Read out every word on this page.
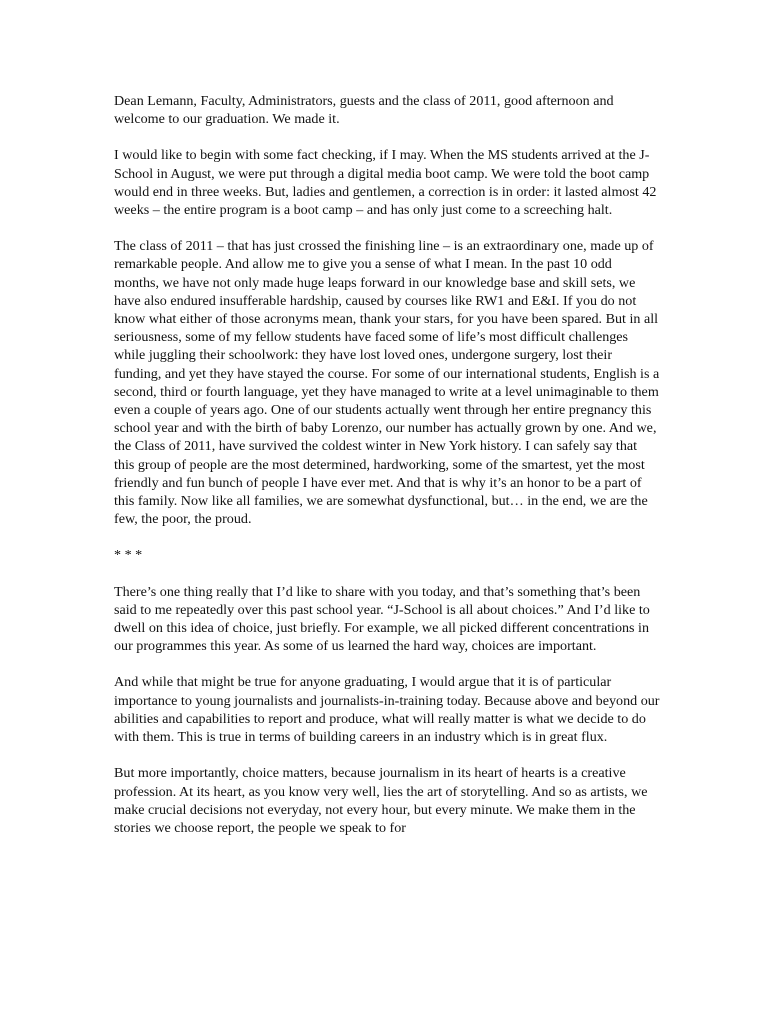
Dean Lemann, Faculty, Administrators, guests and the class of 2011, good afternoon and welcome to our graduation. We made it.

I would like to begin with some fact checking, if I may. When the MS students arrived at the J-School in August, we were put through a digital media boot camp. We were told the boot camp would end in three weeks. But, ladies and gentlemen, a correction is in order: it lasted almost 42 weeks – the entire program is a boot camp – and has only just come to a screeching halt.

The class of 2011 – that has just crossed the finishing line – is an extraordinary one, made up of remarkable people. And allow me to give you a sense of what I mean. In the past 10 odd months, we have not only made huge leaps forward in our knowledge base and skill sets, we have also endured insufferable hardship, caused by courses like RW1 and E&I. If you do not know what either of those acronyms mean, thank your stars, for you have been spared. But in all seriousness, some of my fellow students have faced some of life’s most difficult challenges while juggling their schoolwork: they have lost loved ones, undergone surgery, lost their funding, and yet they have stayed the course. For some of our international students, English is a second, third or fourth language, yet they have managed to write at a level unimaginable to them even a couple of years ago. One of our students actually went through her entire pregnancy this school year and with the birth of baby Lorenzo, our number has actually grown by one. And we, the Class of 2011, have survived the coldest winter in New York history. I can safely say that this group of people are the most determined, hardworking, some of the smartest, yet the most friendly and fun bunch of people I have ever met. And that is why it’s an honor to be a part of this family. Now like all families, we are somewhat dysfunctional, but… in the end, we are the few, the poor, the proud.

* * *

There’s one thing really that I’d like to share with you today, and that’s something that’s been said to me repeatedly over this past school year. “J-School is all about choices.” And I’d like to dwell on this idea of choice, just briefly. For example, we all picked different concentrations in our programmes this year. As some of us learned the hard way, choices are important.

And while that might be true for anyone graduating, I would argue that it is of particular importance to young journalists and journalists-in-training today. Because above and beyond our abilities and capabilities to report and produce, what will really matter is what we decide to do with them. This is true in terms of building careers in an industry which is in great flux.

But more importantly, choice matters, because journalism in its heart of hearts is a creative profession. At its heart, as you know very well, lies the art of storytelling. And so as artists, we make crucial decisions not everyday, not every hour, but every minute. We make them in the stories we choose report, the people we speak to for
